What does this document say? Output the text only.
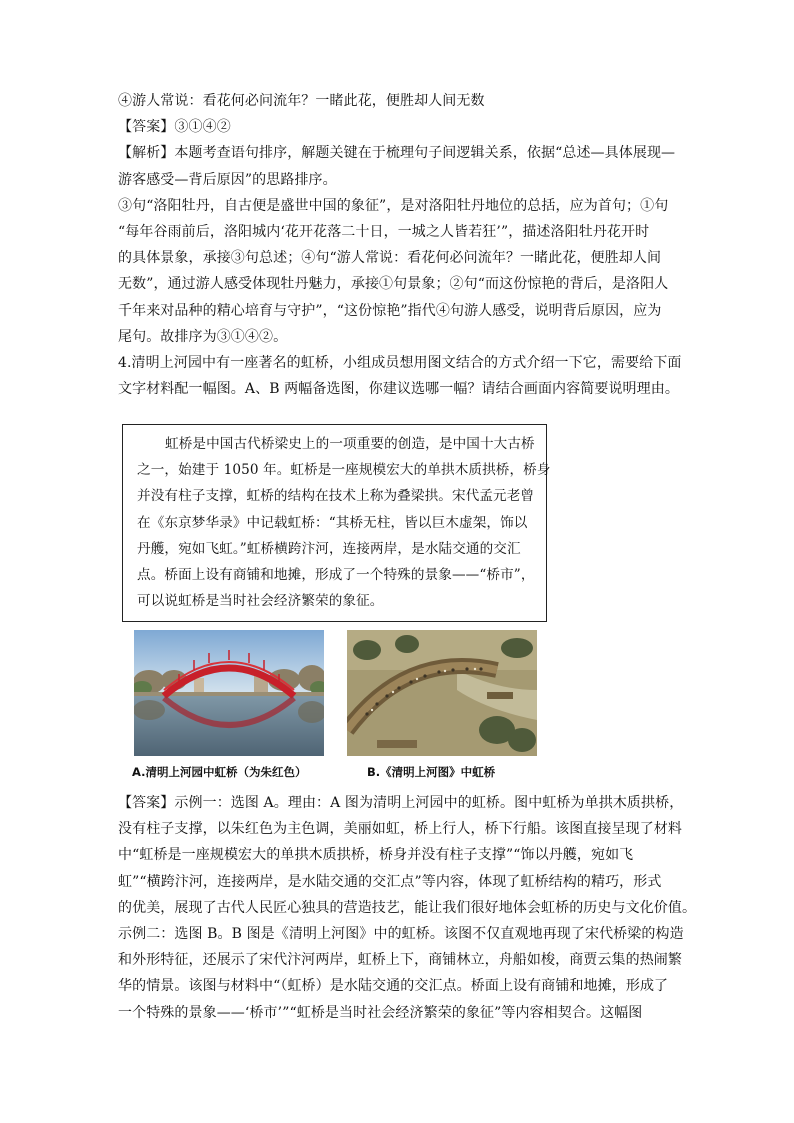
④游人常说：看花何必问流年？一睹此花，便胜却人间无数

【答案】③①④②

【解析】本题考查语句排序，解题关键在于梳理句子间逻辑关系，依据“总述—具体展现—

游客感受—背后原因”的思路排序。

③句“洛阳牡丹，自古便是盛世中国的象征”，是对洛阳牡丹地位的总括，应为首句；①句

“每年谷雨前后，洛阳城内‘花开花落二十日，一城之人皆若狂’”，描述洛阳牡丹花开时

的具体景象，承接③句总述；④句“游人常说：看花何必问流年？一睹此花，便胜却人间

无数”，通过游人感受体现牡丹魅力，承接①句景象；②句“而这份惊艳的背后，是洛阳人

千年来对品种的精心培育与守护”，“这份惊艳”指代④句游人感受，说明背后原因，应为

尾句。故排序为③①④②。

4.清明上河园中有一座著名的虹桥，小组成员想用图文结合的方式介绍一下它，需要给下面

文字材料配一幅图。A、B 两幅备选图，你建议选哪一幅？请结合画面内容简要说明理由。

虹桥是中国古代桥梁史上的一项重要的创造，是中国十大古桥

之一，始建于 1050 年。虹桥是一座规模宏大的单拱木质拱桥，桥身

并没有柱子支撑，虹桥的结构在技术上称为叠梁拱。宋代孟元老曾

在《东京梦华录》中记载虹桥：“其桥无柱，皆以巨木虚架，饰以

丹艧，宛如飞虹。”虹桥横跨汴河，连接两岸，是水陆交通的交汇

点。桥面上设有商铺和地摊，形成了一个特殊的景象——“桥市”，

可以说虹桥是当时社会经济繁荣的象征。

A.清明上河园中虹桥（为朱红色）	B.《清明上河图》中虹桥

【答案】示例一：选图 A。理由：A 图为清明上河园中的虹桥。图中虹桥为单拱木质拱桥，

没有柱子支撑，以朱红色为主色调，美丽如虹，桥上行人，桥下行船。该图直接呈现了材料

中“虹桥是一座规模宏大的单拱木质拱桥，桥身并没有柱子支撑”“饰以丹艧，宛如飞

虹”“横跨汴河，连接两岸，是水陆交通的交汇点”等内容，体现了虹桥结构的精巧，形式

的优美，展现了古代人民匠心独具的营造技艺，能让我们很好地体会虹桥的历史与文化价值。

示例二：选图 B。B 图是《清明上河图》中的虹桥。该图不仅直观地再现了宋代桥梁的构造

和外形特征，还展示了宋代汴河两岸，虹桥上下，商铺林立，舟船如梭，商贾云集的热闹繁

华的情景。该图与材料中“（虹桥）是水陆交通的交汇点。桥面上设有商铺和地摊，形成了

一个特殊的景象——‘桥市’”“虹桥是当时社会经济繁荣的象征”等内容相契合。这幅图
